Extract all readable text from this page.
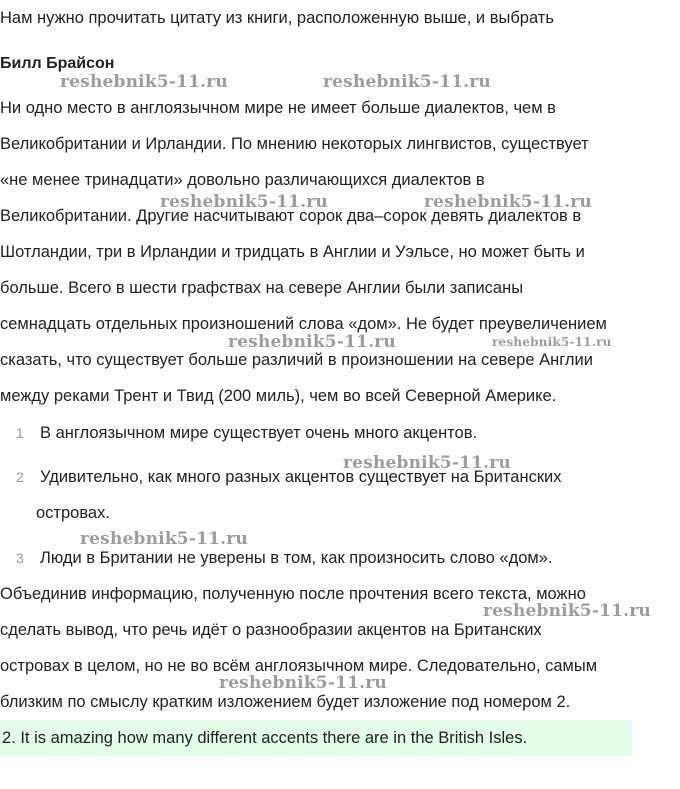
Нам нужно прочитать цитату из книги, расположенную выше, и выбрать
Билл Брайсон
Ни одно место в англоязычном мире не имеет больше диалектов, чем в
Великобритании и Ирландии. По мнению некоторых лингвистов, существует
«не менее тринадцати» довольно различающихся диалектов в
Великобритании. Другие насчитывают сорок два–сорок девять диалектов в
Шотландии, три в Ирландии и тридцать в Англии и Уэльсе, но может быть и
больше. Всего в шести графствах на севере Англии были записаны
семнадцать отдельных произношений слова «дом». Не будет преувеличением
сказать, что существует больше различий в произношении на севере Англии
между реками Трент и Твид (200 миль), чем во всей Северной Америке.
1 В англоязычном мире существует очень много акцентов.
2 Удивительно, как много разных акцентов существует на Британских
островах.
3 Люди в Британии не уверены в том, как произносить слово «дом».
Объединив информацию, полученную после прочтения всего текста, можно
сделать вывод, что речь идёт о разнообразии акцентов на Британских
островах в целом, но не во всём англоязычном мире. Следовательно, самым
близким по смыслу кратким изложением будет изложение под номером 2.
2. It is amazing how many different accents there are in the British Isles.
reshebnik5-11.ru	reshebnik5-11.ru
reshebnik5-11.ru	reshebnik5-11.ru
reshebnik5-11.ru	reshebnik5-11.ru
reshebnik5-11.ru
reshebnik5-11.ru
reshebnik5-11.ru
reshebnik5-11.ru
